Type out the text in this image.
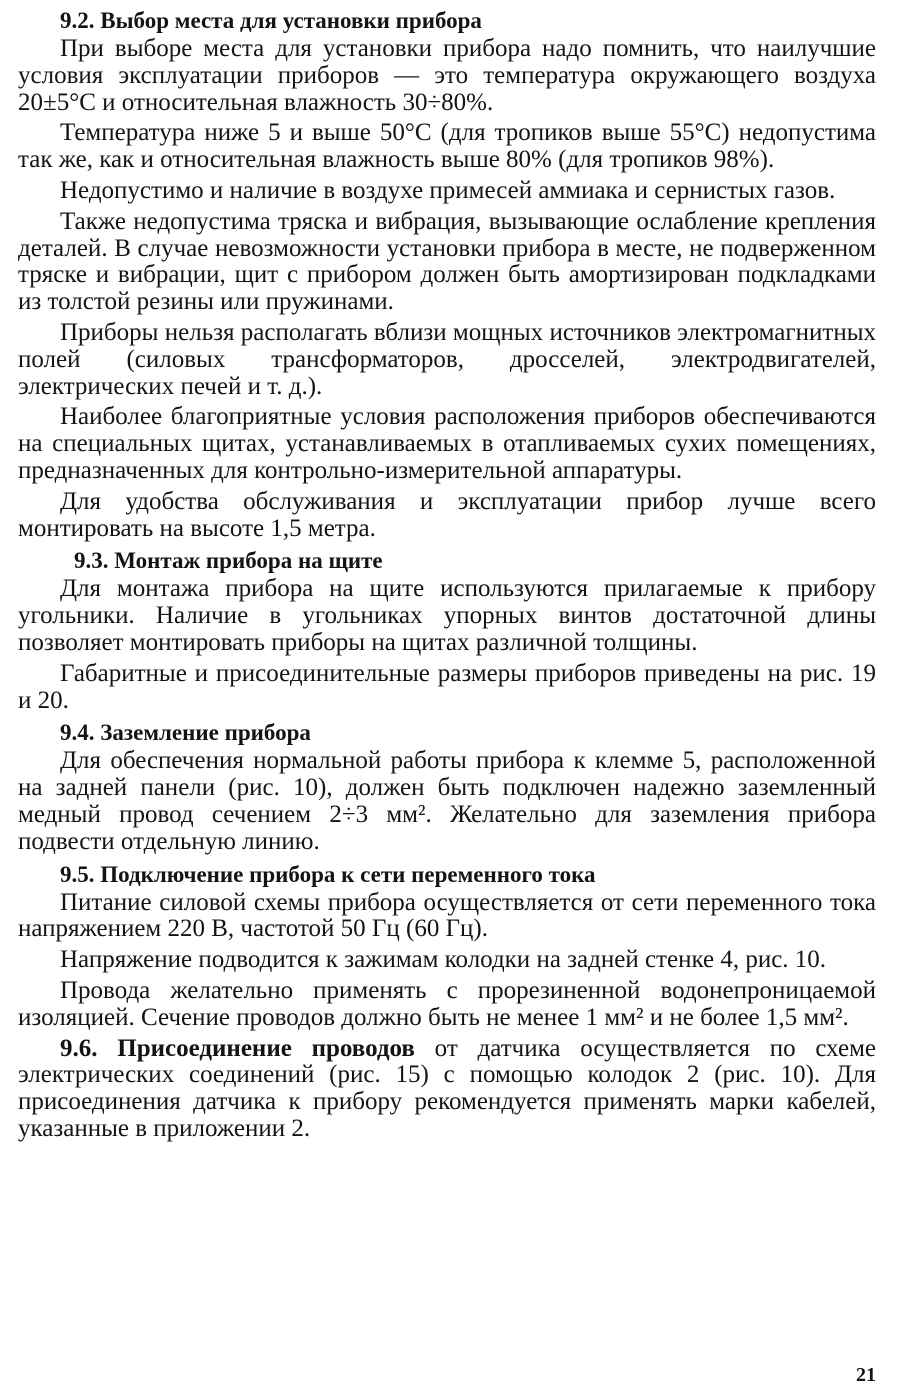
9.2. Выбор места для установки прибора

При выборе места для установки прибора надо помнить, что наилучшие условия эксплуатации приборов — это температура окружающего воздуха 20±5°С и относительная влажность 30÷80%.

Температура ниже 5 и выше 50°С (для тропиков выше 55°С) недопустима так же, как и относительная влажность выше 80% (для тропиков 98%).

Недопустимо и наличие в воздухе примесей аммиака и сернистых газов.

Также недопустима тряска и вибрация, вызывающие ослабление крепления деталей. В случае невозможности установки прибора в месте, не подверженном тряске и вибрации, щит с прибором должен быть амортизирован подкладками из толстой резины или пружинами.

Приборы нельзя располагать вблизи мощных источников электромагнитных полей (силовых трансформаторов, дросселей, электродвигателей, электрических печей и т. д.).

Наиболее благоприятные условия расположения приборов обеспечиваются на специальных щитах, устанавливаемых в отапливаемых сухих помещениях, предназначенных для контрольно-измерительной аппаратуры.

Для удобства обслуживания и эксплуатации прибор лучше всего монтировать на высоте 1,5 метра.

9.3. Монтаж прибора на щите

Для монтажа прибора на щите используются прилагаемые к прибору угольники. Наличие в угольниках упорных винтов достаточной длины позволяет монтировать приборы на щитах различной толщины.

Габаритные и присоединительные размеры приборов приведены на рис. 19 и 20.

9.4. Заземление прибора

Для обеспечения нормальной работы прибора к клемме 5, расположенной на задней панели (рис. 10), должен быть подключен надежно заземленный медный провод сечением 2÷3 мм². Желательно для заземления прибора подвести отдельную линию.

9.5. Подключение прибора к сети переменного тока

Питание силовой схемы прибора осуществляется от сети переменного тока напряжением 220 В, частотой 50 Гц (60 Гц).

Напряжение подводится к зажимам колодки на задней стенке 4, рис. 10.

Провода желательно применять с прорезиненной водонепроницаемой изоляцией. Сечение проводов должно быть не менее 1 мм² и не более 1,5 мм².

9.6. Присоединение проводов от датчика осуществляется по схеме электрических соединений (рис. 15) с помощью колодок 2 (рис. 10). Для присоединения датчика к прибору рекомендуется применять марки кабелей, указанные в приложении 2.

21
